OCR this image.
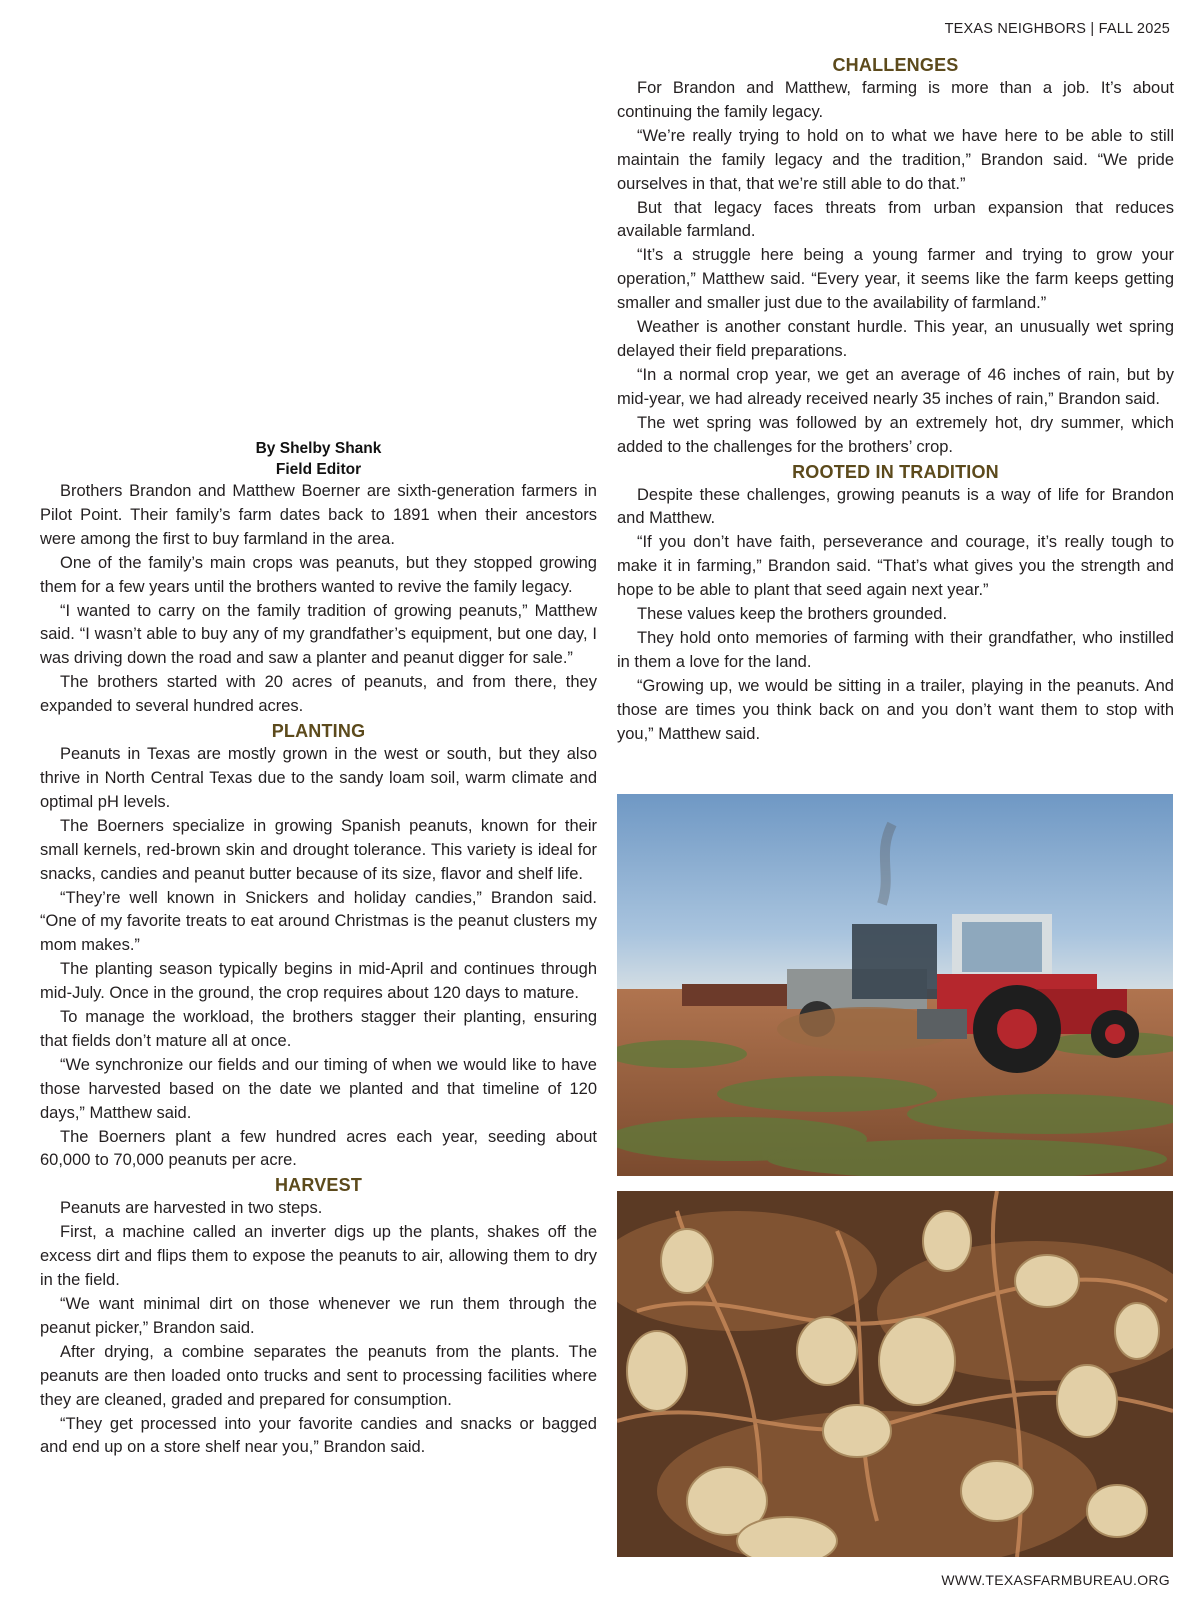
TEXAS NEIGHBORS | FALL 2025
By Shelby Shank
Field Editor

Brothers Brandon and Matthew Boerner are sixth-generation farmers in Pilot Point. Their family’s farm dates back to 1891 when their ancestors were among the first to buy farmland in the area.

One of the family’s main crops was peanuts, but they stopped growing them for a few years until the brothers wanted to revive the family legacy.

“I wanted to carry on the family tradition of growing peanuts,” Matthew said. “I wasn’t able to buy any of my grandfather’s equipment, but one day, I was driving down the road and saw a planter and peanut digger for sale.”

The brothers started with 20 acres of peanuts, and from there, they expanded to several hundred acres.

PLANTING

Peanuts in Texas are mostly grown in the west or south, but they also thrive in North Central Texas due to the sandy loam soil, warm climate and optimal pH levels.

The Boerners specialize in growing Spanish peanuts, known for their small kernels, red-brown skin and drought tolerance. This variety is ideal for snacks, candies and peanut butter because of its size, flavor and shelf life.

“They’re well known in Snickers and holiday candies,” Brandon said. “One of my favorite treats to eat around Christmas is the peanut clusters my mom makes.”

The planting season typically begins in mid-April and continues through mid-July. Once in the ground, the crop requires about 120 days to mature.

To manage the workload, the brothers stagger their planting, ensuring that fields don’t mature all at once.

“We synchronize our fields and our timing of when we would like to have those harvested based on the date we planted and that timeline of 120 days,” Matthew said.

The Boerners plant a few hundred acres each year, seeding about 60,000 to 70,000 peanuts per acre.

HARVEST

Peanuts are harvested in two steps.

First, a machine called an inverter digs up the plants, shakes off the excess dirt and flips them to expose the peanuts to air, allowing them to dry in the field.

“We want minimal dirt on those whenever we run them through the peanut picker,” Brandon said.

After drying, a combine separates the peanuts from the plants. The peanuts are then loaded onto trucks and sent to processing facilities where they are cleaned, graded and prepared for consumption.

“They get processed into your favorite candies and snacks or bagged and end up on a store shelf near you,” Brandon said.

CHALLENGES

For Brandon and Matthew, farming is more than a job. It’s about continuing the family legacy.

“We’re really trying to hold on to what we have here to be able to still maintain the family legacy and the tradition,” Brandon said. “We pride ourselves in that, that we’re still able to do that.”

But that legacy faces threats from urban expansion that reduces available farmland.

“It’s a struggle here being a young farmer and trying to grow your operation,” Matthew said. “Every year, it seems like the farm keeps getting smaller and smaller just due to the availability of farmland.”

Weather is another constant hurdle. This year, an unusually wet spring delayed their field preparations.

“In a normal crop year, we get an average of 46 inches of rain, but by mid-year, we had already received nearly 35 inches of rain,” Brandon said.

The wet spring was followed by an extremely hot, dry summer, which added to the challenges for the brothers’ crop.

ROOTED IN TRADITION

Despite these challenges, growing peanuts is a way of life for Brandon and Matthew.

“If you don’t have faith, perseverance and courage, it’s really tough to make it in farming,” Brandon said. “That’s what gives you the strength and hope to be able to plant that seed again next year.”

These values keep the brothers grounded.

They hold onto memories of farming with their grandfather, who instilled in them a love for the land.

“Growing up, we would be sitting in a trailer, playing in the peanuts. And those are times you think back on and you don’t want them to stop with you,” Matthew said.

WWW.TEXASFARMBUREAU.ORG
